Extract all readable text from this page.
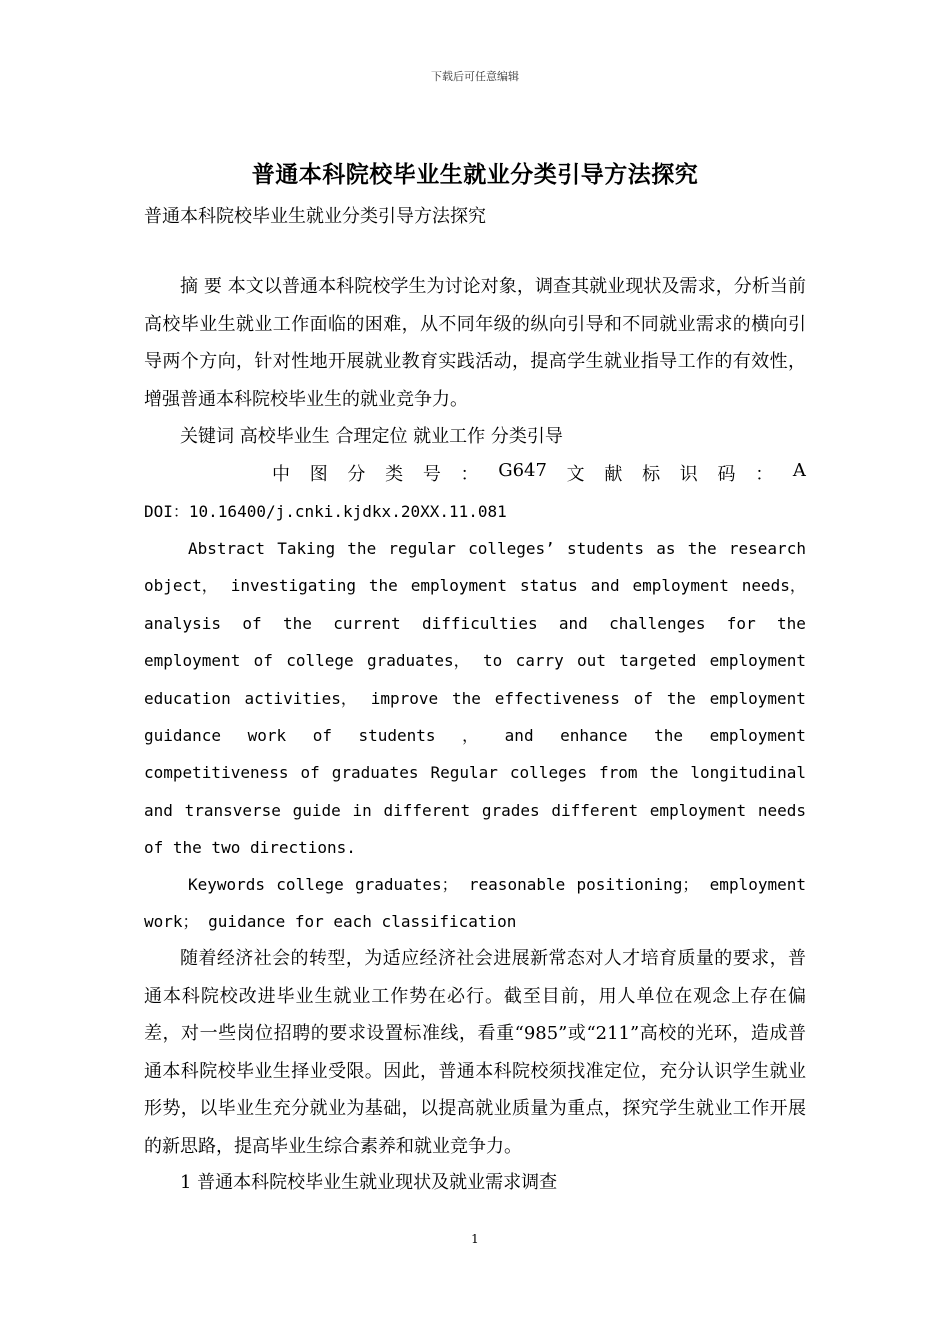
下载后可任意编辑
普通本科院校毕业生就业分类引导方法探究
普通本科院校毕业生就业分类引导方法探究
摘 要 本文以普通本科院校学生为讨论对象，调查其就业现状及需求，分析当前高校毕业生就业工作面临的困难，从不同年级的纵向引导和不同就业需求的横向引导两个方向，针对性地开展就业教育实践活动，提高学生就业指导工作的有效性，增强普通本科院校毕业生的就业竞争力。
关键词 高校毕业生 合理定位 就业工作 分类引导
中 图 分 类 号 ： G647 文 献 标 识 码 ： A
DOI：10.16400/j.cnki.kjdkx.20XX.11.081
Abstract Taking the regular colleges’ students as the research
object， investigating the employment status and employment needs，
analysis of the current difficulties and challenges for the
employment of college graduates， to carry out targeted employment
education activities， improve the effectiveness of the employment
guidance work of students ， and enhance the employment
competitiveness of graduates Regular colleges from the longitudinal
and transverse guide in different grades different employment needs
of the two directions.
Keywords college graduates； reasonable positioning； employment
work； guidance for each classification
随着经济社会的转型，为适应经济社会进展新常态对人才培育质量的要求，普通本科院校改进毕业生就业工作势在必行。截至目前，用人单位在观念上存在偏差，对一些岗位招聘的要求设置标准线，看重“985”或“211”高校的光环，造成普通本科院校毕业生择业受限。因此，普通本科院校须找准定位，充分认识学生就业形势，以毕业生充分就业为基础，以提高就业质量为重点，探究学生就业工作开展的新思路，提高毕业生综合素养和就业竞争力。
1 普通本科院校毕业生就业现状及就业需求调查
1
